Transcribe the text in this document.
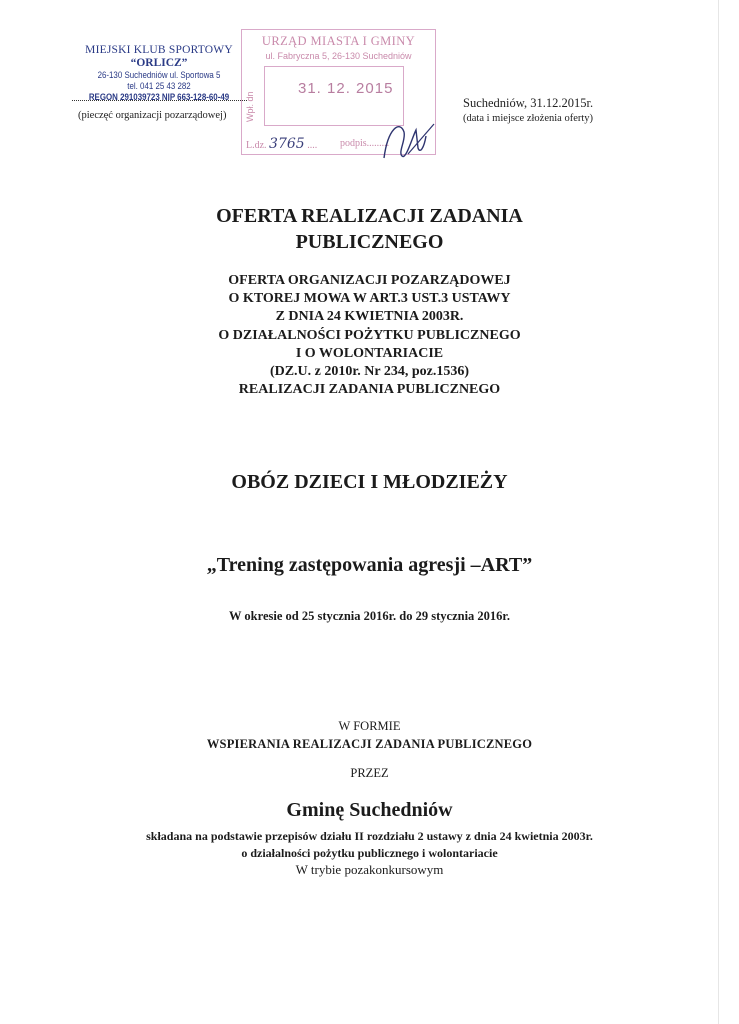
MIEJSKI KLUB SPORTOWY
“ORLICZ”
26-130 Suchedniów ul. Sportowa 5
tel. 041 25 43 282
REGON 291039723 NIP 663-128-60-49
(pieczęć organizacji pozarządowej)
URZĄD MIASTA I GMINY
ul. Fabryczna 5, 26-130 Suchedniów
Wpł. dn
31. 12. 2015
L.dz. 3765 .... podpis.........
Suchedniów, 31.12.2015r.
(data i miejsce złożenia oferty)
OFERTA REALIZACJI ZADANIA
PUBLICZNEGO
OFERTA ORGANIZACJI POZARZĄDOWEJ
O KTOREJ MOWA W ART.3 UST.3 USTAWY
Z DNIA 24 KWIETNIA 2003R.
O DZIAŁALNOŚCI POŻYTKU PUBLICZNEGO
I O WOLONTARIACIE
(DZ.U. z 2010r. Nr 234, poz.1536)
REALIZACJI ZADANIA PUBLICZNEGO
OBÓZ DZIECI I MŁODZIEŻY
„Trening zastępowania agresji –ART”
W okresie od 25 stycznia 2016r. do 29 stycznia 2016r.
W FORMIE
WSPIERANIA REALIZACJI ZADANIA PUBLICZNEGO
PRZEZ
Gminę Suchedniów
składana na podstawie przepisów działu II rozdziału 2 ustawy z dnia 24 kwietnia 2003r.
o działalności pożytku publicznego i wolontariacie
W trybie pozakonkursowym
